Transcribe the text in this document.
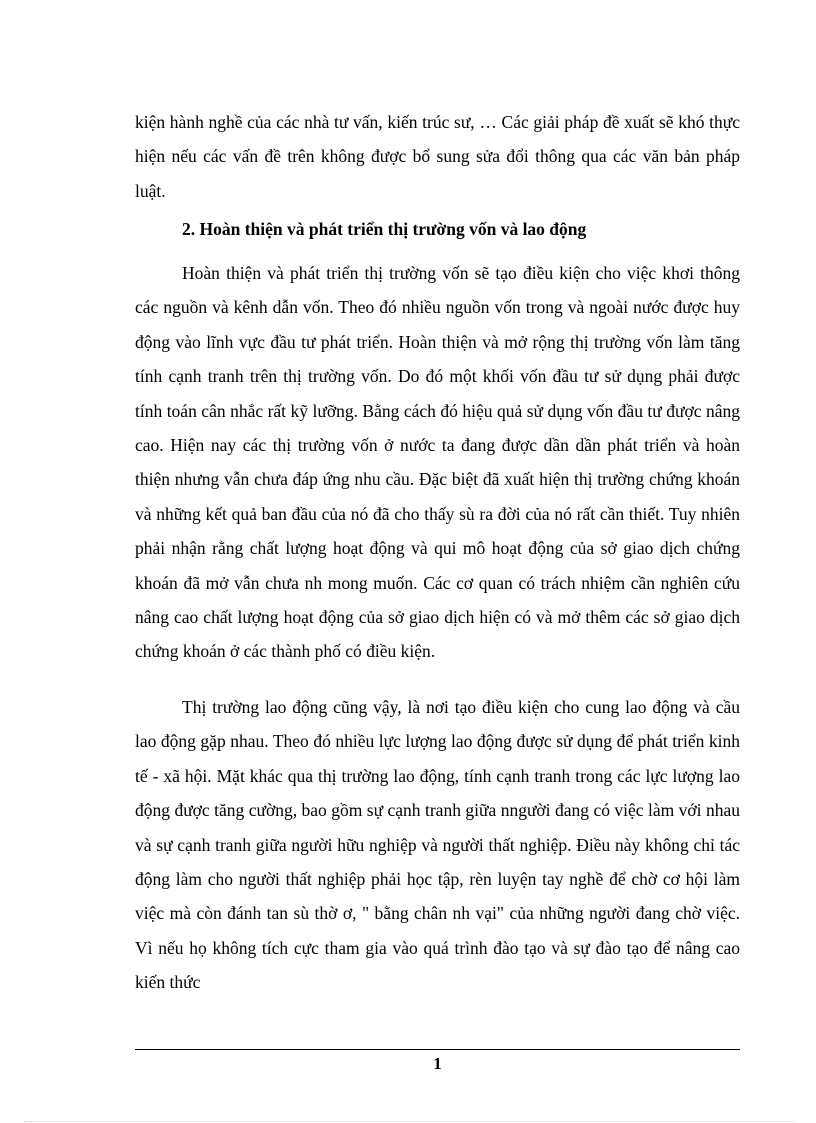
kiện hành nghề của các nhà tư vấn, kiến trúc sư, … Các giải pháp đề xuất sẽ khó thực hiện nếu các vấn đề trên không được bổ sung sửa đổi thông qua các văn bản pháp luật.

2. Hoàn thiện và phát triển thị trường vốn và lao động

Hoàn thiện và phát triển thị trường vốn sẽ tạo điều kiện cho việc khơi thông các nguồn và kênh dẫn vốn. Theo đó nhiều nguồn vốn trong và ngoài nước được huy động vào lĩnh vực đầu tư phát triển. Hoàn thiện và mở rộng thị trường vốn làm tăng tính cạnh tranh trên thị trường vốn. Do đó một khối vốn đầu tư sử dụng phải được tính toán cân nhắc rất kỹ lưỡng. Bằng cách đó hiệu quả sử dụng vốn đầu tư được nâng cao. Hiện nay các thị trường vốn ở nước ta đang được dần dần phát triển và hoàn thiện nhưng vẫn chưa đáp ứng nhu cầu. Đặc biệt đã xuất hiện thị trường chứng khoán và những kết quả ban đầu của nó đã cho thấy sù ra đời của nó rất cần thiết. Tuy nhiên phải nhận rằng chất lượng hoạt động và qui mô hoạt động của sở giao dịch chứng khoán đã mở vẫn chưa nh mong muốn. Các cơ quan có trách nhiệm cần nghiên cứu nâng cao chất lượng hoạt động của sở giao dịch hiện có và mở thêm các sở giao dịch chứng khoán ở các thành phố có điều kiện.

Thị trường lao động cũng vậy, là nơi tạo điều kiện cho cung lao động và cầu lao động gặp nhau. Theo đó nhiều lực lượng lao động được sử dụng để phát triển kinh tế - xã hội. Mặt khác qua thị trường lao động, tính cạnh tranh trong các lực lượng lao động được tăng cường, bao gồm sự cạnh tranh giữa nngười đang có việc làm với nhau và sự cạnh tranh giữa người hữu nghiệp và người thất nghiệp. Điều này không chỉ tác động làm cho người thất nghiệp phải học tập, rèn luyện tay nghề để chờ cơ hội làm việc mà còn đánh tan sù thờ ơ, " bằng chân nh vại" của những người đang chờ việc. Vì nếu họ không tích cực tham gia vào quá trình đào tạo và sự đào tạo để nâng cao kiến thức

1
